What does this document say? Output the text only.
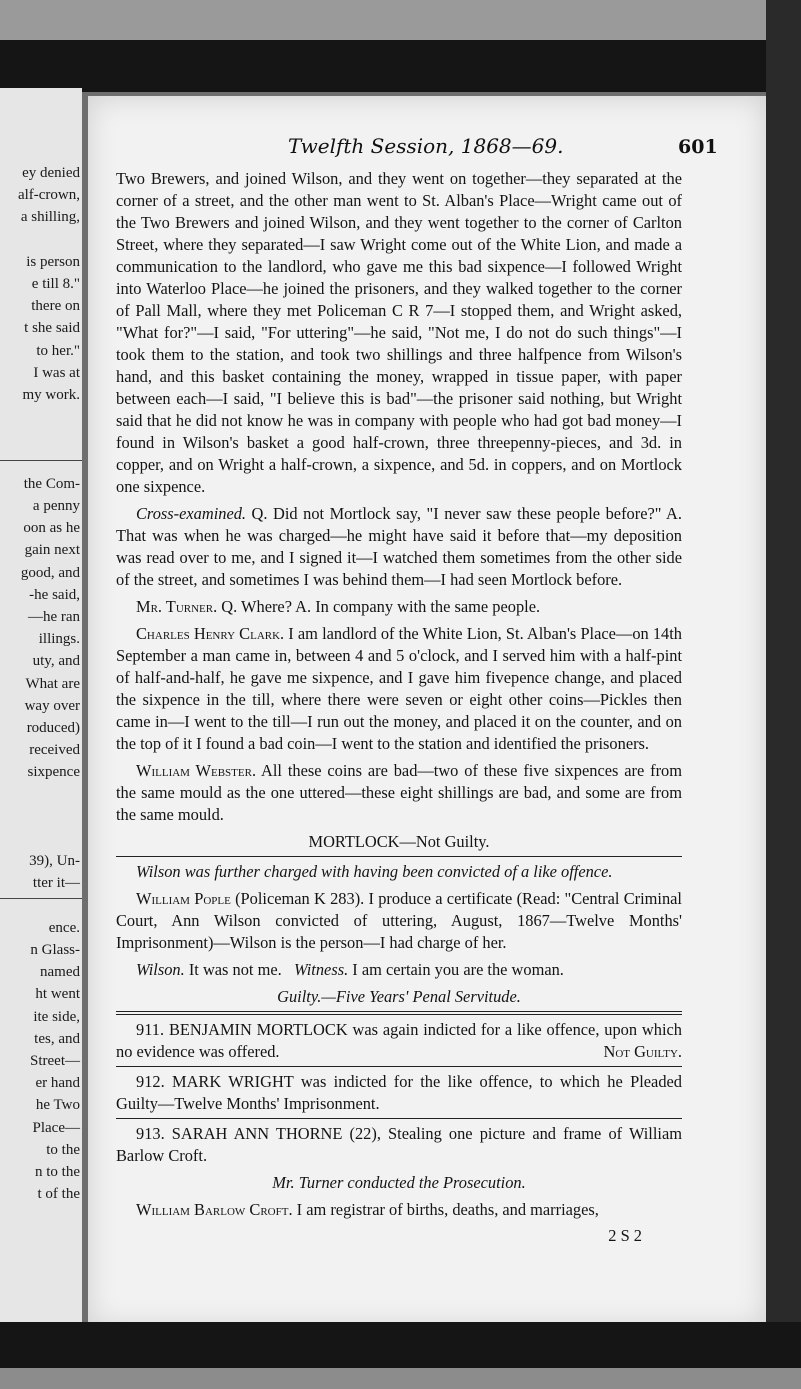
ey denied
alf-crown,
a shilling,
is person
e till 8."
there on
t she said
to her."
I was at
my work.
the Com-
a penny
oon as he
gain next
good, and
-he said,
—he ran
illings.
uty, and
What are
way over
roduced)
received
sixpence
39), Un-
tter it—
ence.
n Glass-
named
ht went
ite side,
tes, and
Street—
er hand
he Two
Place—
to the
n to the
t of the
Twelfth Session, 1868—69.	601

Two Brewers, and joined Wilson, and they went on together—they separated at the corner of a street, and the other man went to St. Alban's Place—Wright came out of the Two Brewers and joined Wilson, and they went together to the corner of Carlton Street, where they separated—I saw Wright come out of the White Lion, and made a communication to the landlord, who gave me this bad sixpence—I followed Wright into Waterloo Place—he joined the prisoners, and they walked together to the corner of Pall Mall, where they met Policeman C R 7—I stopped them, and Wright asked, "What for?"—I said, "For uttering"—he said, "Not me, I do not do such things"—I took them to the station, and took two shillings and three halfpence from Wilson's hand, and this basket containing the money, wrapped in tissue paper, with paper between each—I said, "I believe this is bad"—the prisoner said nothing, but Wright said that he did not know he was in company with people who had got bad money—I found in Wilson's basket a good half-crown, three threepenny-pieces, and 3d. in copper, and on Wright a half-crown, a sixpence, and 5d. in coppers, and on Mortlock one sixpence.

Cross-examined. Q. Did not Mortlock say, "I never saw these people before?" A. That was when he was charged—he might have said it before that—my deposition was read over to me, and I signed it—I watched them sometimes from the other side of the street, and sometimes I was behind them—I had seen Mortlock before.

Mr. Turner. Q. Where? A. In company with the same people.

Charles Henry Clark. I am landlord of the White Lion, St. Alban's Place—on 14th September a man came in, between 4 and 5 o'clock, and I served him with a half-pint of half-and-half, he gave me sixpence, and I gave him fivepence change, and placed the sixpence in the till, where there were seven or eight other coins—Pickles then came in—I went to the till—I run out the money, and placed it on the counter, and on the top of it I found a bad coin—I went to the station and identified the prisoners.

William Webster. All these coins are bad—two of these five sixpences are from the same mould as the one uttered—these eight shillings are bad, and some are from the same mould.

MORTLOCK—Not Guilty.

Wilson was further charged with having been convicted of a like offence.

William Pople (Policeman K 283). I produce a certificate (Read: "Central Criminal Court, Ann Wilson convicted of uttering, August, 1867—Twelve Months' Imprisonment)—Wilson is the person—I had charge of her.

Wilson. It was not me. Witness. I am certain you are the woman.

Guilty.—Five Years' Penal Servitude.

911. BENJAMIN MORTLOCK was again indicted for a like offence, upon which no evidence was offered.	Not Guilty.

912. MARK WRIGHT was indicted for the like offence, to which he Pleaded Guilty—Twelve Months' Imprisonment.

913. SARAH ANN THORNE (22), Stealing one picture and frame of William Barlow Croft.

Mr. Turner conducted the Prosecution.

William Barlow Croft. I am registrar of births, deaths, and marriages,

2 S 2
